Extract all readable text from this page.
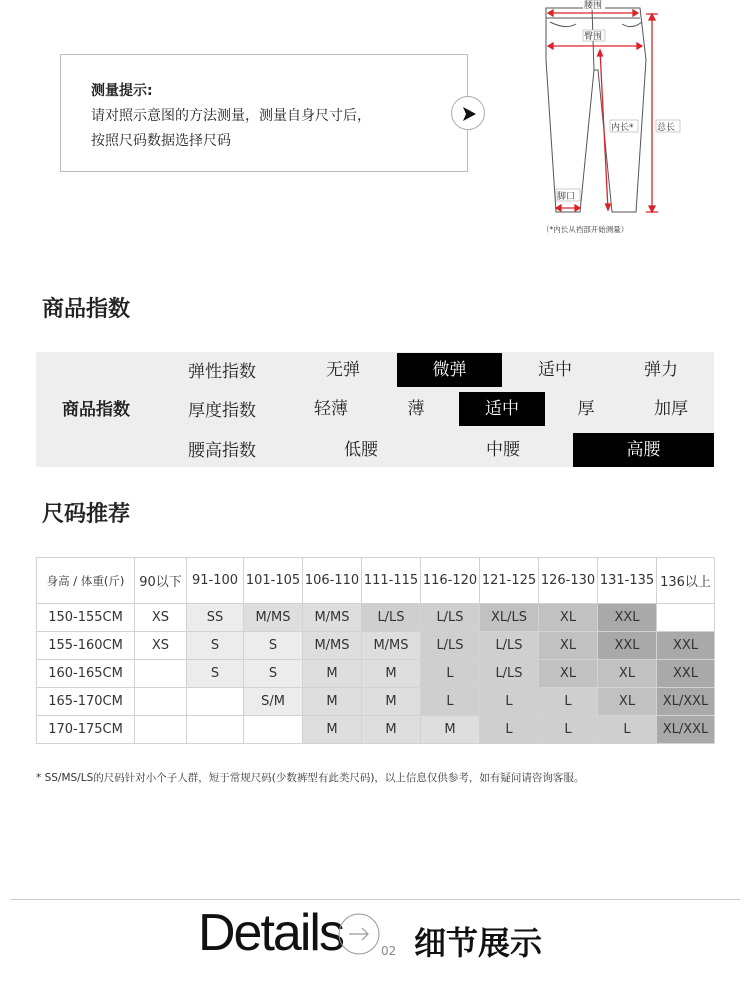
测量提示:
请对照示意图的方法测量，测量自身尺寸后，
按照尺码数据选择尺码
腰围
臀围
内长*	总长
脚口
（*内长从裆部开始测量）
商品指数
商品指数
弹性指数	无弹	微弹	适中	弹力
厚度指数	轻薄	薄	适中	厚	加厚
腰高指数	低腰	中腰	高腰
尺码推荐
身高 / 体重(斤)	90以下	91-100	101-105	106-110	111-115	116-120	121-125	126-130	131-135	136以上
150-155CM	XS	SS	M/MS	M/MS	L/LS	L/LS	XL/LS	XL	XXL	
155-160CM	XS	S	S	M/MS	M/MS	L/LS	L/LS	XL	XXL	XXL
160-165CM		S	S	M	M	L	L/LS	XL	XL	XXL
165-170CM			S/M	M	M	L	L	L	XL	XL/XXL
170-175CM				M	M	M	L	L	L	XL/XXL
* SS/MS/LS的尺码针对小个子人群，短于常规尺码(少数裤型有此类尺码)，以上信息仅供参考，如有疑问请咨询客服。
Details	02 细节展示
